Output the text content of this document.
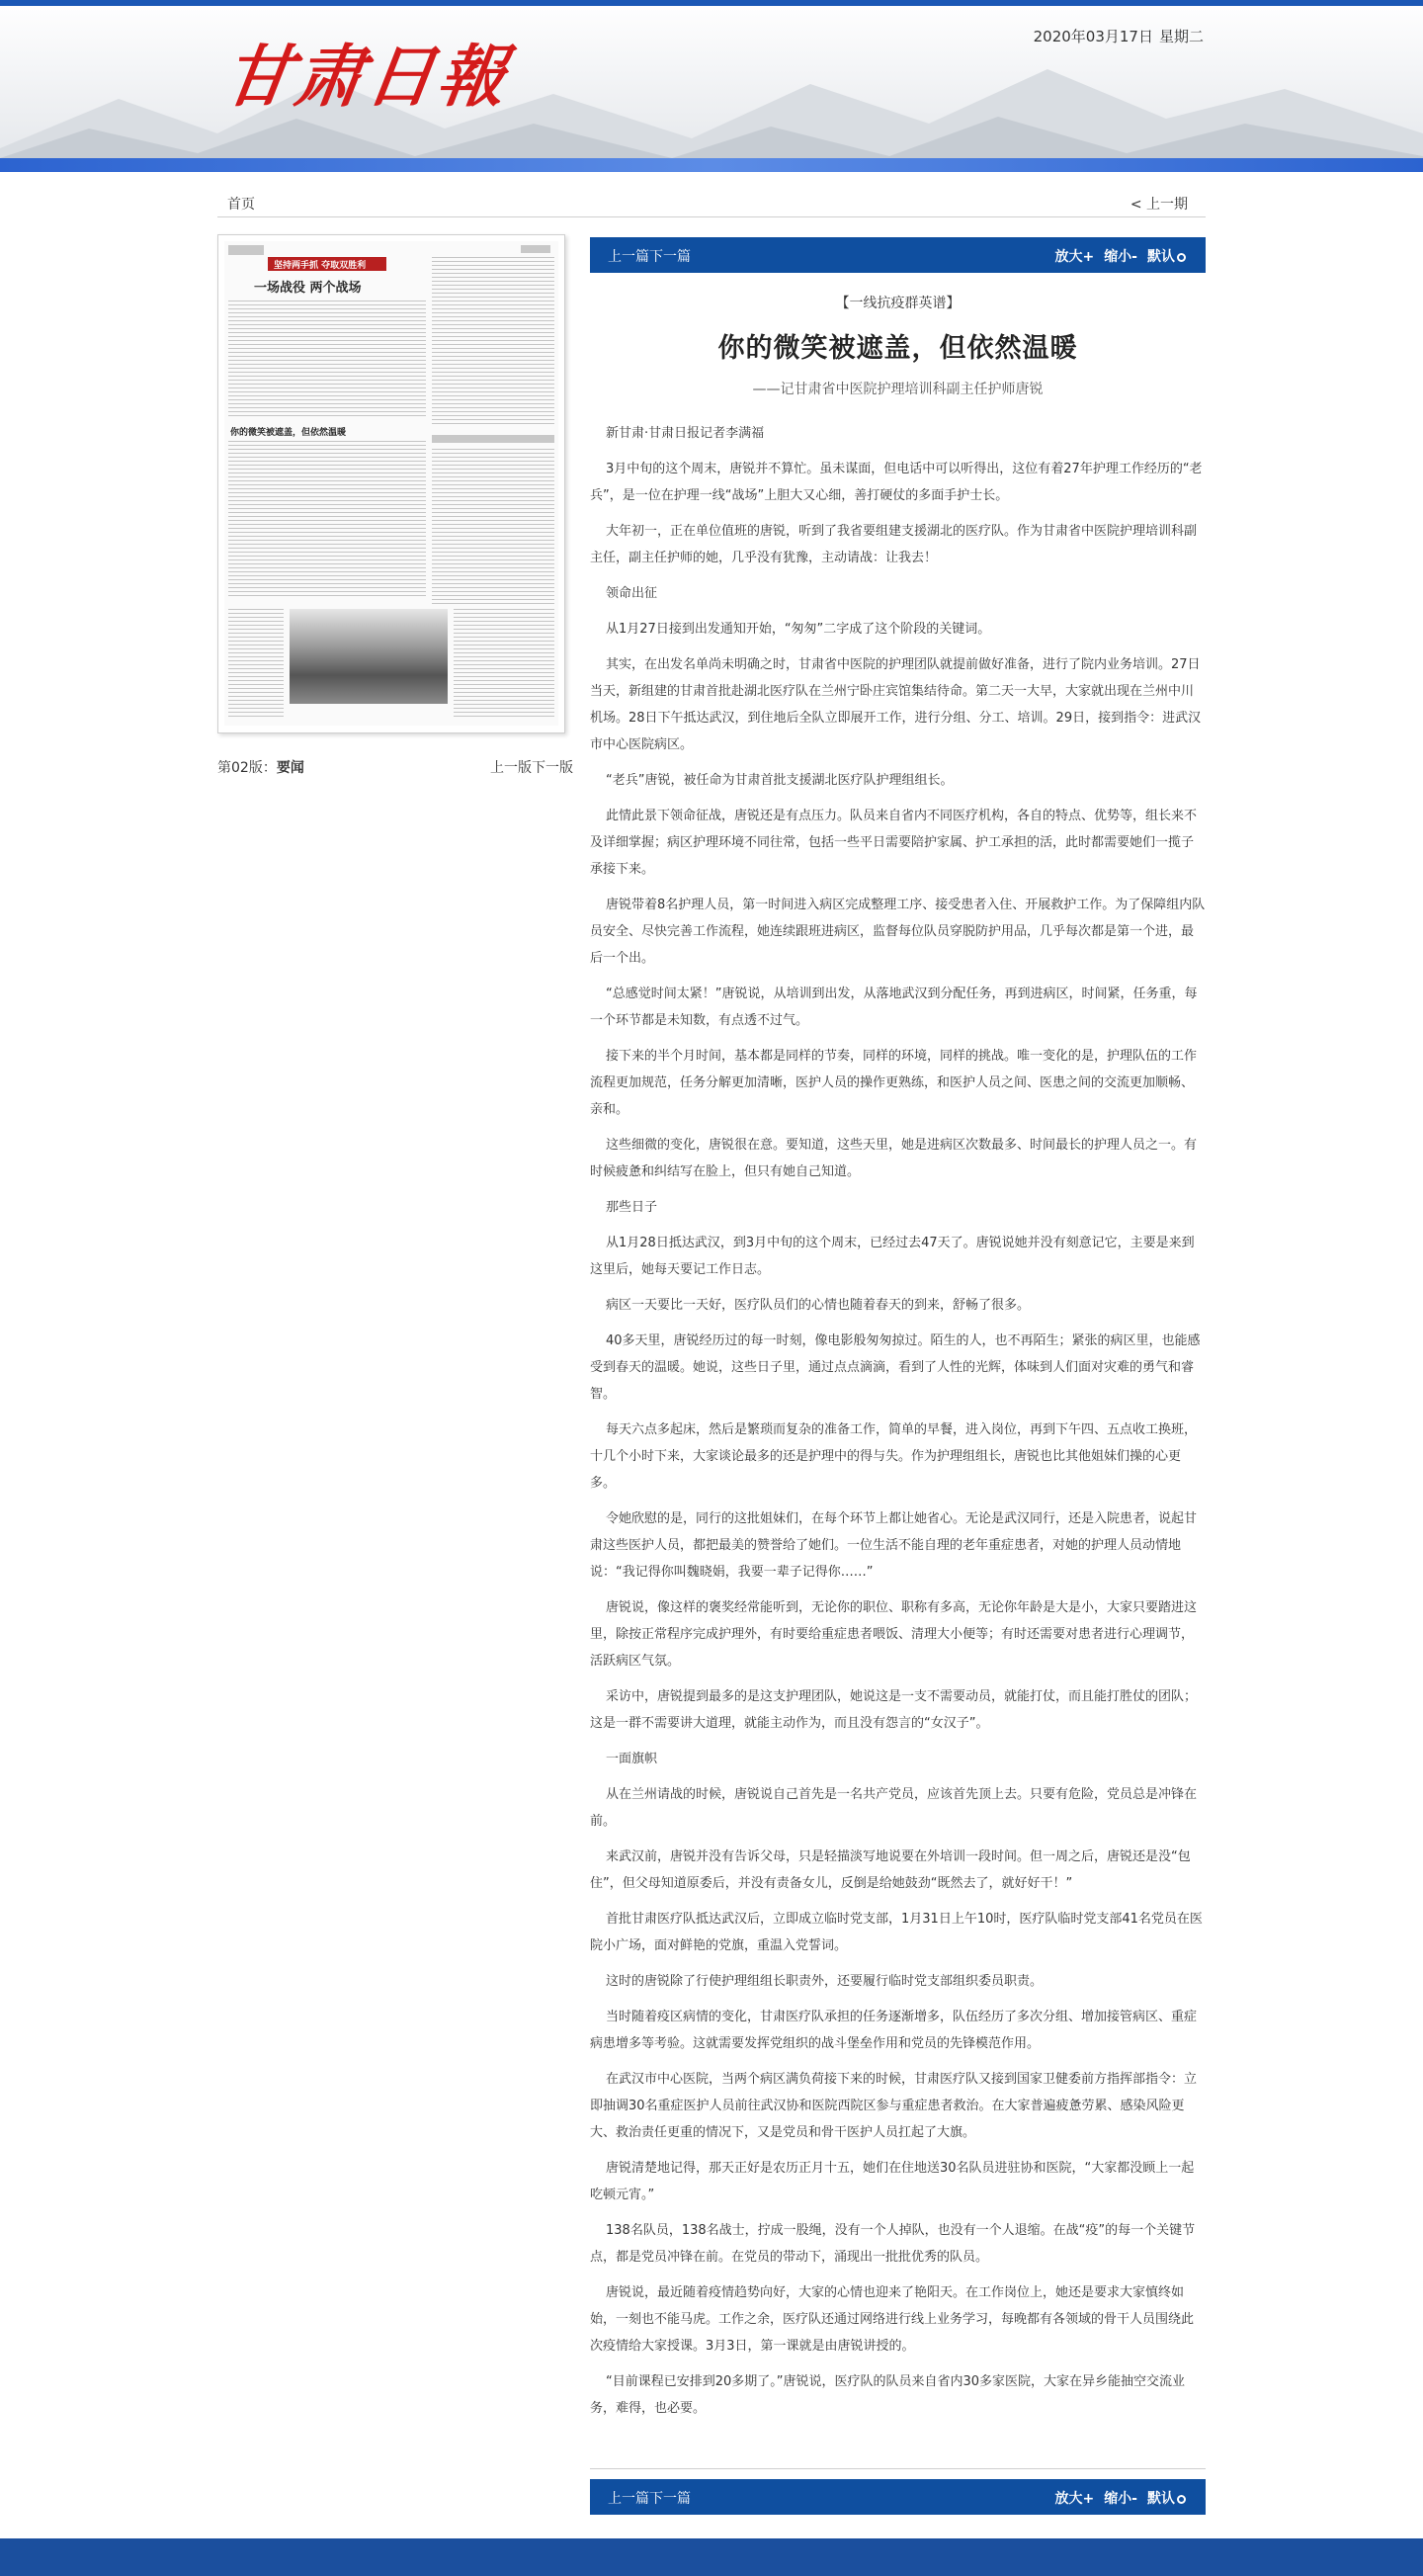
甘肃日報
2020年03月17日 星期二
首页	< 上一期
坚持两手抓 夺取双胜利
一场战役 两个战场
你的微笑被遮盖，但依然温暖
第02版：要闻	上一版下一版
上一篇下一篇	放大+ 缩小- 默认
【一线抗疫群英谱】
你的微笑被遮盖，但依然温暖
——记甘肃省中医院护理培训科副主任护师唐锐

新甘肃·甘肃日报记者李满福

3月中旬的这个周末，唐锐并不算忙。虽未谋面，但电话中可以听得出，这位有着27年护理工作经历的“老兵”，是一位在护理一线“战场”上胆大又心细，善打硬仗的多面手护士长。

大年初一，正在单位值班的唐锐，听到了我省要组建支援湖北的医疗队。作为甘肃省中医院护理培训科副主任，副主任护师的她，几乎没有犹豫，主动请战：让我去！

领命出征

从1月27日接到出发通知开始，“匆匆”二字成了这个阶段的关键词。

其实，在出发名单尚未明确之时，甘肃省中医院的护理团队就提前做好准备，进行了院内业务培训。27日当天，新组建的甘肃首批赴湖北医疗队在兰州宁卧庄宾馆集结待命。第二天一大早，大家就出现在兰州中川机场。28日下午抵达武汉，到住地后全队立即展开工作，进行分组、分工、培训。29日，接到指令：进武汉市中心医院病区。

“老兵”唐锐，被任命为甘肃首批支援湖北医疗队护理组组长。

此情此景下领命征战，唐锐还是有点压力。队员来自省内不同医疗机构，各自的特点、优势等，组长来不及详细掌握；病区护理环境不同往常，包括一些平日需要陪护家属、护工承担的活，此时都需要她们一揽子承接下来。

唐锐带着8名护理人员，第一时间进入病区完成整理工序、接受患者入住、开展救护工作。为了保障组内队员安全、尽快完善工作流程，她连续跟班进病区，监督每位队员穿脱防护用品，几乎每次都是第一个进，最后一个出。

“总感觉时间太紧！”唐锐说，从培训到出发，从落地武汉到分配任务，再到进病区，时间紧，任务重，每一个环节都是未知数，有点透不过气。

接下来的半个月时间，基本都是同样的节奏，同样的环境，同样的挑战。唯一变化的是，护理队伍的工作流程更加规范，任务分解更加清晰，医护人员的操作更熟练，和医护人员之间、医患之间的交流更加顺畅、亲和。

这些细微的变化，唐锐很在意。要知道，这些天里，她是进病区次数最多、时间最长的护理人员之一。有时候疲惫和纠结写在脸上，但只有她自己知道。

那些日子

从1月28日抵达武汉，到3月中旬的这个周末，已经过去47天了。唐锐说她并没有刻意记它，主要是来到这里后，她每天要记工作日志。

病区一天要比一天好，医疗队员们的心情也随着春天的到来，舒畅了很多。

40多天里，唐锐经历过的每一时刻，像电影般匆匆掠过。陌生的人，也不再陌生；紧张的病区里，也能感受到春天的温暖。她说，这些日子里，通过点点滴滴，看到了人性的光辉，体味到人们面对灾难的勇气和睿智。

每天六点多起床，然后是繁琐而复杂的准备工作，简单的早餐，进入岗位，再到下午四、五点收工换班，十几个小时下来，大家谈论最多的还是护理中的得与失。作为护理组组长，唐锐也比其他姐妹们操的心更多。

令她欣慰的是，同行的这批姐妹们，在每个环节上都让她省心。无论是武汉同行，还是入院患者，说起甘肃这些医护人员，都把最美的赞誉给了她们。一位生活不能自理的老年重症患者，对她的护理人员动情地说：“我记得你叫魏晓娟，我要一辈子记得你……”

唐锐说，像这样的褒奖经常能听到，无论你的职位、职称有多高，无论你年龄是大是小，大家只要踏进这里，除按正常程序完成护理外，有时要给重症患者喂饭、清理大小便等；有时还需要对患者进行心理调节，活跃病区气氛。

采访中，唐锐提到最多的是这支护理团队，她说这是一支不需要动员，就能打仗，而且能打胜仗的团队；这是一群不需要讲大道理，就能主动作为，而且没有怨言的“女汉子”。

一面旗帜

从在兰州请战的时候，唐锐说自己首先是一名共产党员，应该首先顶上去。只要有危险，党员总是冲锋在前。

来武汉前，唐锐并没有告诉父母，只是轻描淡写地说要在外培训一段时间。但一周之后，唐锐还是没“包住”，但父母知道原委后，并没有责备女儿，反倒是给她鼓劲“既然去了，就好好干！”

首批甘肃医疗队抵达武汉后，立即成立临时党支部，1月31日上午10时，医疗队临时党支部41名党员在医院小广场，面对鲜艳的党旗，重温入党誓词。

这时的唐锐除了行使护理组组长职责外，还要履行临时党支部组织委员职责。

当时随着疫区病情的变化，甘肃医疗队承担的任务逐渐增多，队伍经历了多次分组、增加接管病区、重症病患增多等考验。这就需要发挥党组织的战斗堡垒作用和党员的先锋模范作用。

在武汉市中心医院，当两个病区满负荷接下来的时候，甘肃医疗队又接到国家卫健委前方指挥部指令：立即抽调30名重症医护人员前往武汉协和医院西院区参与重症患者救治。在大家普遍疲惫劳累、感染风险更大、救治责任更重的情况下，又是党员和骨干医护人员扛起了大旗。

唐锐清楚地记得，那天正好是农历正月十五，她们在住地送30名队员进驻协和医院，“大家都没顾上一起吃顿元宵。”

138名队员，138名战士，拧成一股绳，没有一个人掉队，也没有一个人退缩。在战“疫”的每一个关键节点，都是党员冲锋在前。在党员的带动下，涌现出一批批优秀的队员。

唐锐说，最近随着疫情趋势向好，大家的心情也迎来了艳阳天。在工作岗位上，她还是要求大家慎终如始，一刻也不能马虎。工作之余，医疗队还通过网络进行线上业务学习，每晚都有各领域的骨干人员围绕此次疫情给大家授课。3月3日，第一课就是由唐锐讲授的。

“目前课程已安排到20多期了。”唐锐说，医疗队的队员来自省内30多家医院，大家在异乡能抽空交流业务，难得，也必要。

上一篇下一篇	放大+ 缩小- 默认
